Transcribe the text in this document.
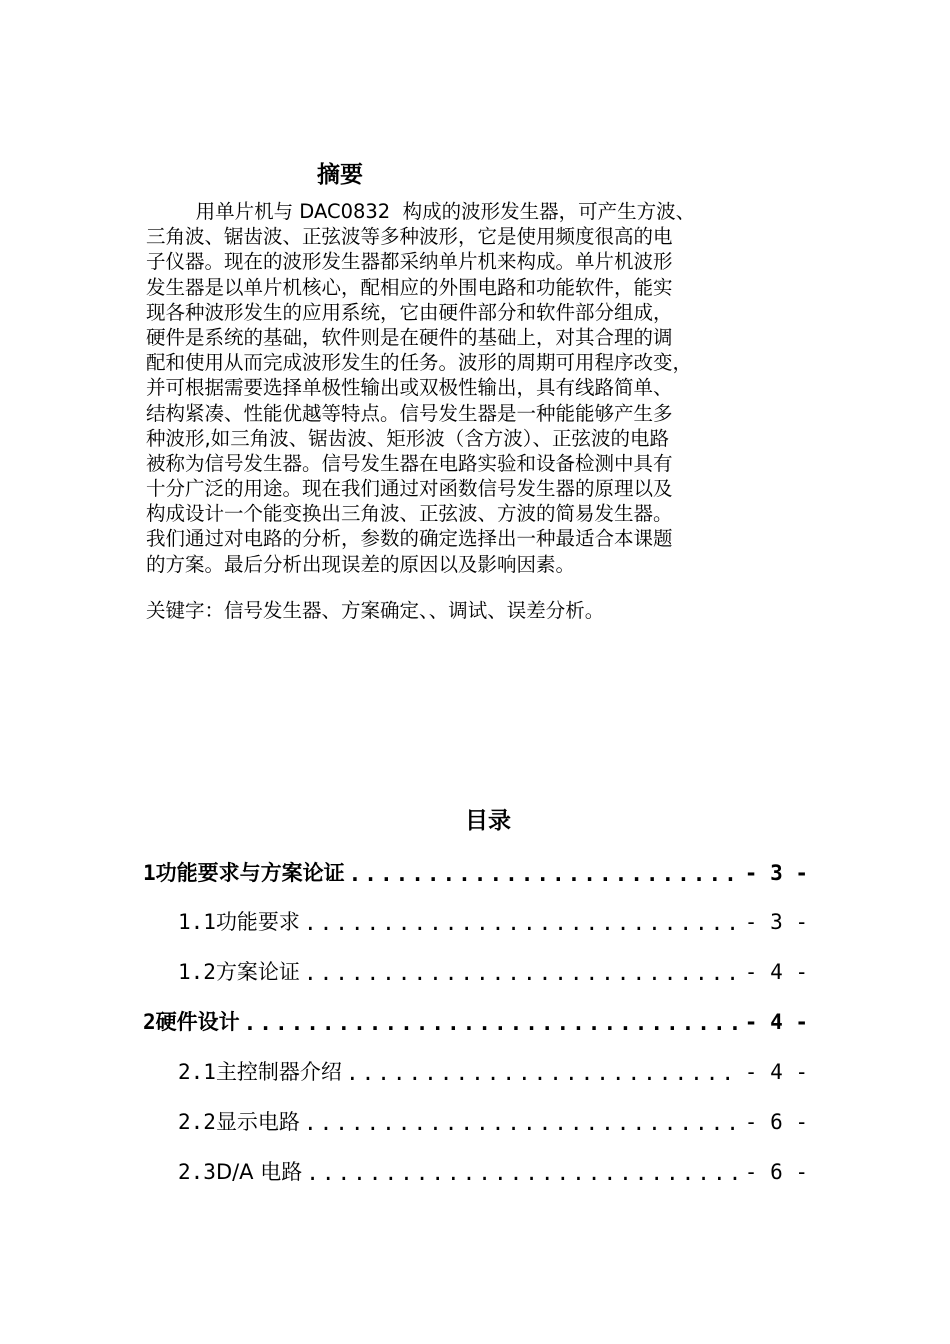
摘要
用单片机与 DAC0832  构成的波形发生器，可产生方波、
三角波、锯齿波、正弦波等多种波形，它是使用频度很高的电
子仪器。现在的波形发生器都采纳单片机来构成。单片机波形
发生器是以单片机核心，配相应的外围电路和功能软件，能实
现各种波形发生的应用系统，它由硬件部分和软件部分组成，
硬件是系统的基础，软件则是在硬件的基础上，对其合理的调
配和使用从而完成波形发生的任务。波形的周期可用程序改变，
并可根据需要选择单极性输出或双极性输出，具有线路简单、
结构紧凑、性能优越等特点。信号发生器是一种能能够产生多
种波形,如三角波、锯齿波、矩形波（含方波）、正弦波的电路
被称为信号发生器。信号发生器在电路实验和设备检测中具有
十分广泛的用途。现在我们通过对函数信号发生器的原理以及
构成设计一个能变换出三角波、正弦波、方波的简易发生器。
我们通过对电路的分析，参数的确定选择出一种最适合本课题
的方案。最后分析出现误差的原因以及影响因素。
关键字：信号发生器、方案确定、、调试、误差分析。
目录
1 功能要求与方案论证 .....	- 3 -
1.1 功能要求 .....	- 3 -
1.2 方案论证 .....	- 4 -
2 硬件设计 .....	- 4 -
2.1 主控制器介绍 .....	- 4 -
2.2 显示电路 .....	- 6 -
2.3 D/A 电路 .....	- 6 -
